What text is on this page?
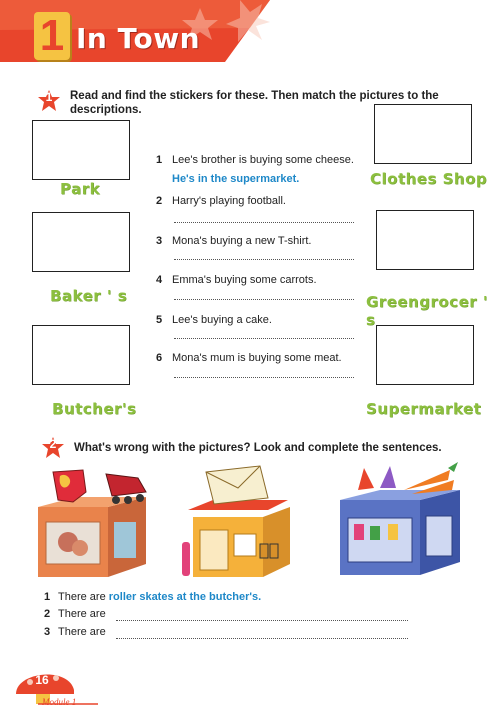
1 In Town
1	Read and find the stickers for these. Then match the pictures to the descriptions.
Park
Baker ' s
Butcher's
Clothes Shop
Greengrocer ' s
Supermarket
1 Lee's brother is buying some cheese.
He's in the supermarket.
2 Harry's playing football.
3 Mona's buying a new T-shirt.
4 Emma's buying some carrots.
5 Lee's buying a cake.
6 Mona's mum is buying some meat.
2	What's wrong with the pictures? Look and complete the sentences.
1 There are roller skates at the butcher's.
2 There are
3 There are
16
Module 1
